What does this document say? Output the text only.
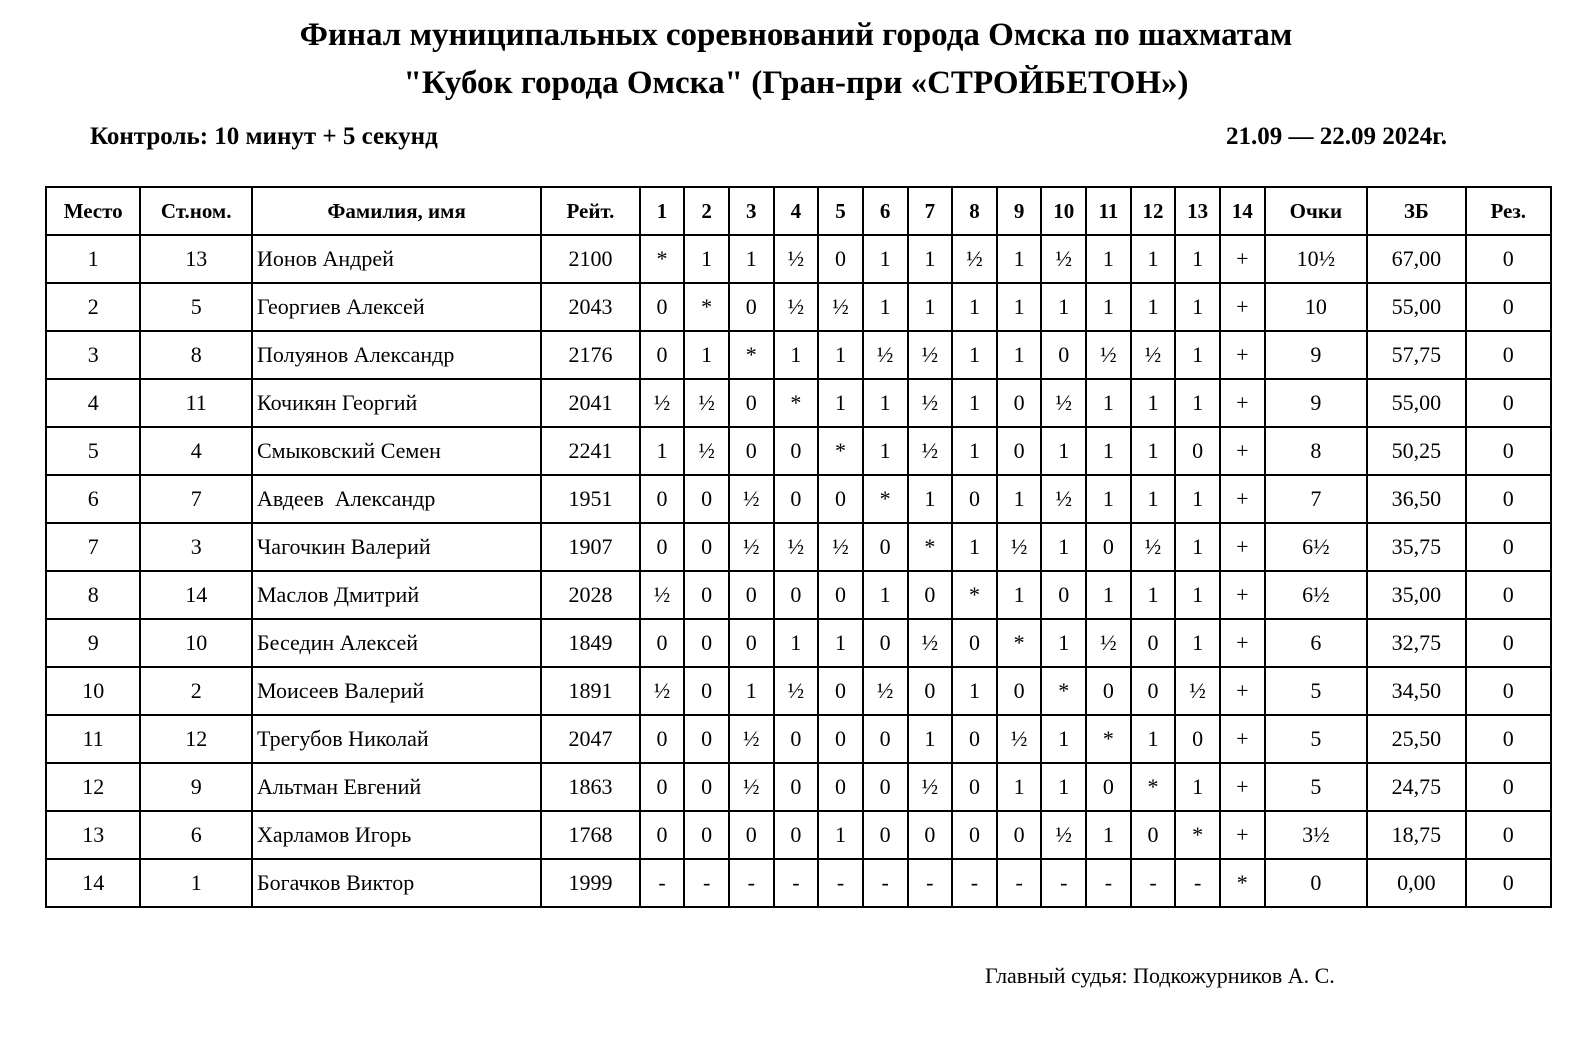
Финал муниципальных соревнований города Омска по шахматам
"Кубок города Омска" (Гран-при «СТРОЙБЕТОН»)
Контроль: 10 минут + 5 секунд	21.09 — 22.09 2024г.
Место	Ст.ном.	Фамилия, имя	Рейт.	1	2	3	4	5	6	7	8	9	10	11	12	13	14	Очки	ЗБ	Рез.
1	13	Ионов Андрей	2100	*	1	1	½	0	1	1	½	1	½	1	1	1	+	10½	67,00	0
2	5	Георгиев Алексей	2043	0	*	0	½	½	1	1	1	1	1	1	1	1	+	10	55,00	0
3	8	Полуянов Александр	2176	0	1	*	1	1	½	½	1	1	0	½	½	1	+	9	57,75	0
4	11	Кочикян Георгий	2041	½	½	0	*	1	1	½	1	0	½	1	1	1	+	9	55,00	0
5	4	Смыковский Семен	2241	1	½	0	0	*	1	½	1	0	1	1	1	0	+	8	50,25	0
6	7	Авдеев  Александр	1951	0	0	½	0	0	*	1	0	1	½	1	1	1	+	7	36,50	0
7	3	Чагочкин Валерий	1907	0	0	½	½	½	0	*	1	½	1	0	½	1	+	6½	35,75	0
8	14	Маслов Дмитрий	2028	½	0	0	0	0	1	0	*	1	0	1	1	1	+	6½	35,00	0
9	10	Беседин Алексей	1849	0	0	0	1	1	0	½	0	*	1	½	0	1	+	6	32,75	0
10	2	Моисеев Валерий	1891	½	0	1	½	0	½	0	1	0	*	0	0	½	+	5	34,50	0
11	12	Трегубов Николай	2047	0	0	½	0	0	0	1	0	½	1	*	1	0	+	5	25,50	0
12	9	Альтман Евгений	1863	0	0	½	0	0	0	½	0	1	1	0	*	1	+	5	24,75	0
13	6	Харламов Игорь	1768	0	0	0	0	1	0	0	0	0	½	1	0	*	+	3½	18,75	0
14	1	Богачков Виктор	1999	-	-	-	-	-	-	-	-	-	-	-	-	-	*	0	0,00	0
Главный судья: Подкожурников А. С.
